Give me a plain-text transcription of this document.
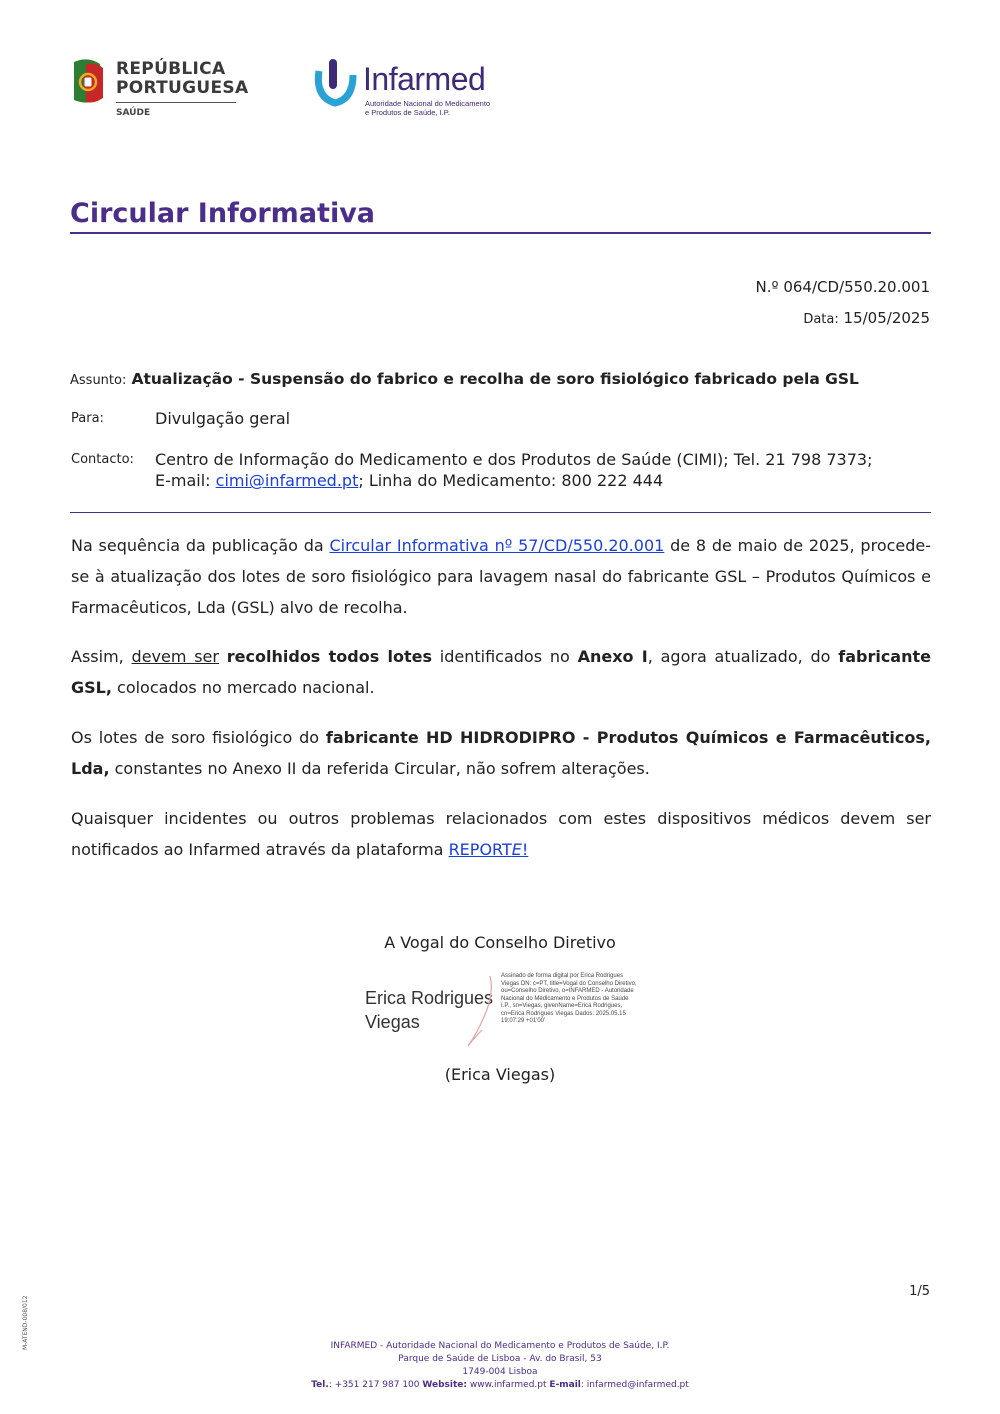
REPÚBLICA
PORTUGUESA
SAÚDE
Infarmed
Autoridade Nacional do Medicamento
e Produtos de Saúde, I.P.
Circular Informativa
N.º 064/CD/550.20.001
Data: 15/05/2025
Assunto: Atualização - Suspensão do fabrico e recolha de soro fisiológico fabricado pela GSL
Para:	Divulgação geral
Contacto: Centro de Informação do Medicamento e dos Produtos de Saúde (CIMI); Tel. 21 798 7373;
E-mail: cimi@infarmed.pt; Linha do Medicamento: 800 222 444
Na sequência da publicação da Circular Informativa nº 57/CD/550.20.001 de 8 de maio de 2025, procede-se à atualização dos lotes de soro fisiológico para lavagem nasal do fabricante GSL – Produtos Químicos e Farmacêuticos, Lda (GSL) alvo de recolha.
Assim, devem ser recolhidos todos lotes identificados no Anexo I, agora atualizado, do fabricante GSL, colocados no mercado nacional.
Os lotes de soro fisiológico do fabricante HD HIDRODIPRO - Produtos Químicos e Farmacêuticos, Lda, constantes no Anexo II da referida Circular, não sofrem alterações.
Quaisquer incidentes ou outros problemas relacionados com estes dispositivos médicos devem ser notificados ao Infarmed através da plataforma REPORTE!
A Vogal do Conselho Diretivo
Erica Rodrigues
Viegas
Assinado de forma digital por Erica Rodrigues Viegas DN: c=PT, title=Vogal do Conselho Diretivo, ou=Conselho Diretivo, o=INFARMED - Autoridade Nacional do Medicamento e Produtos de Saúde I.P., sn=Viegas, givenName=Erica Rodrigues, cn=Erica Rodrigues Viegas Dados: 2025.05.15 19:07:29 +01'00'
(Erica Viegas)
1/5
M-ATEND-008/012	INFARMED - Autoridade Nacional do Medicamento e Produtos de Saúde, I.P.
Parque de Saúde de Lisboa - Av. do Brasil, 53
1749-004 Lisboa
Tel.: +351 217 987 100 Website: www.infarmed.pt E-mail: infarmed@infarmed.pt
